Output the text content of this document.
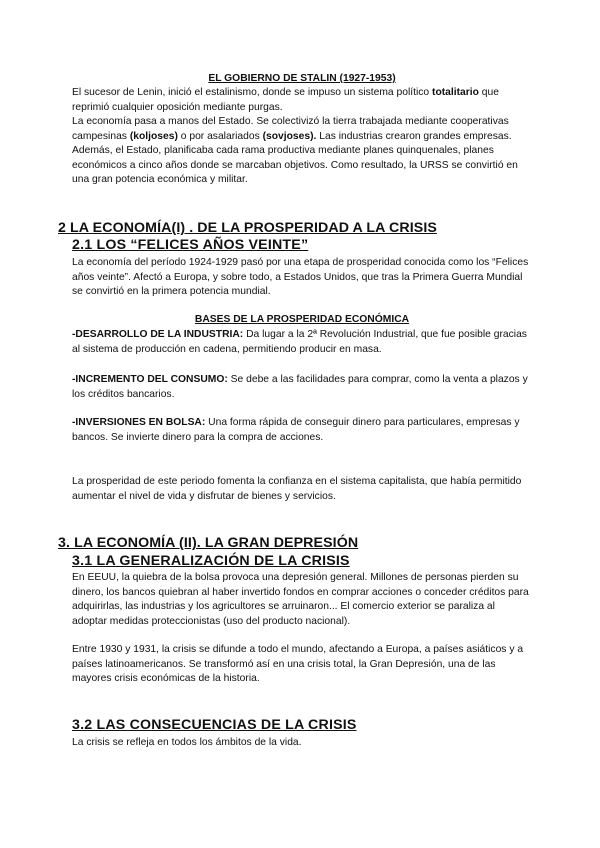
EL GOBIERNO DE STALIN (1927-1953)

El sucesor de Lenin, inició el estalinismo, donde se impuso un sistema político totalitario que reprimió cualquier oposición mediante purgas.

La economía pasa a manos del Estado. Se colectivizó la tierra trabajada mediante cooperativas campesinas (koljoses) o por asalariados (sovjoses). Las industrias crearon grandes empresas. Además, el Estado, planificaba cada rama productiva mediante planes quinquenales, planes económicos a cinco años donde se marcaban objetivos. Como resultado, la URSS se convirtió en una gran potencia económica y militar.

2 LA ECONOMÍA(I) . DE LA PROSPERIDAD A LA CRISIS
2.1 LOS “FELICES AÑOS VEINTE”
La economía del período 1924-1929 pasó por una etapa de prosperidad conocida como los “Felices años veinte”. Afectó a Europa, y sobre todo, a Estados Unidos, que tras la Primera Guerra Mundial se convirtió en la primera potencia mundial.
BASES DE LA PROSPERIDAD ECONÓMICA

-DESARROLLO DE LA INDUSTRIA: Da lugar a la 2ª Revolución Industrial, que fue posible gracias al sistema de producción en cadena, permitiendo producir en masa.

-INCREMENTO DEL CONSUMO: Se debe a las facilidades para comprar, como la venta a plazos y los créditos bancarios.

-INVERSIONES EN BOLSA: Una forma rápida de conseguir dinero para particulares, empresas y bancos. Se invierte dinero para la compra de acciones.

La prosperidad de este periodo fomenta la confianza en el sistema capitalista, que había permitido aumentar el nivel de vida y disfrutar de bienes y servicios.
3. LA ECONOMÍA (II). LA GRAN DEPRESIÓN
3.1 LA GENERALIZACIÓN DE LA CRISIS
En EEUU, la quiebra de la bolsa provoca una depresión general. Millones de personas pierden su dinero, los bancos quiebran al haber invertido fondos en comprar acciones o conceder créditos para adquirirlas, las industrias y los agricultores se arruinaron... El comercio exterior se paraliza al adoptar medidas proteccionistas (uso del producto nacional).
Entre 1930 y 1931, la crisis se difunde a todo el mundo, afectando a Europa, a países asiáticos y a países latinoamericanos. Se transformó así en una crisis total, la Gran Depresión, una de las mayores crisis económicas de la historia.
3.2 LAS CONSECUENCIAS DE LA CRISIS
La crisis se refleja en todos los ámbitos de la vida.
